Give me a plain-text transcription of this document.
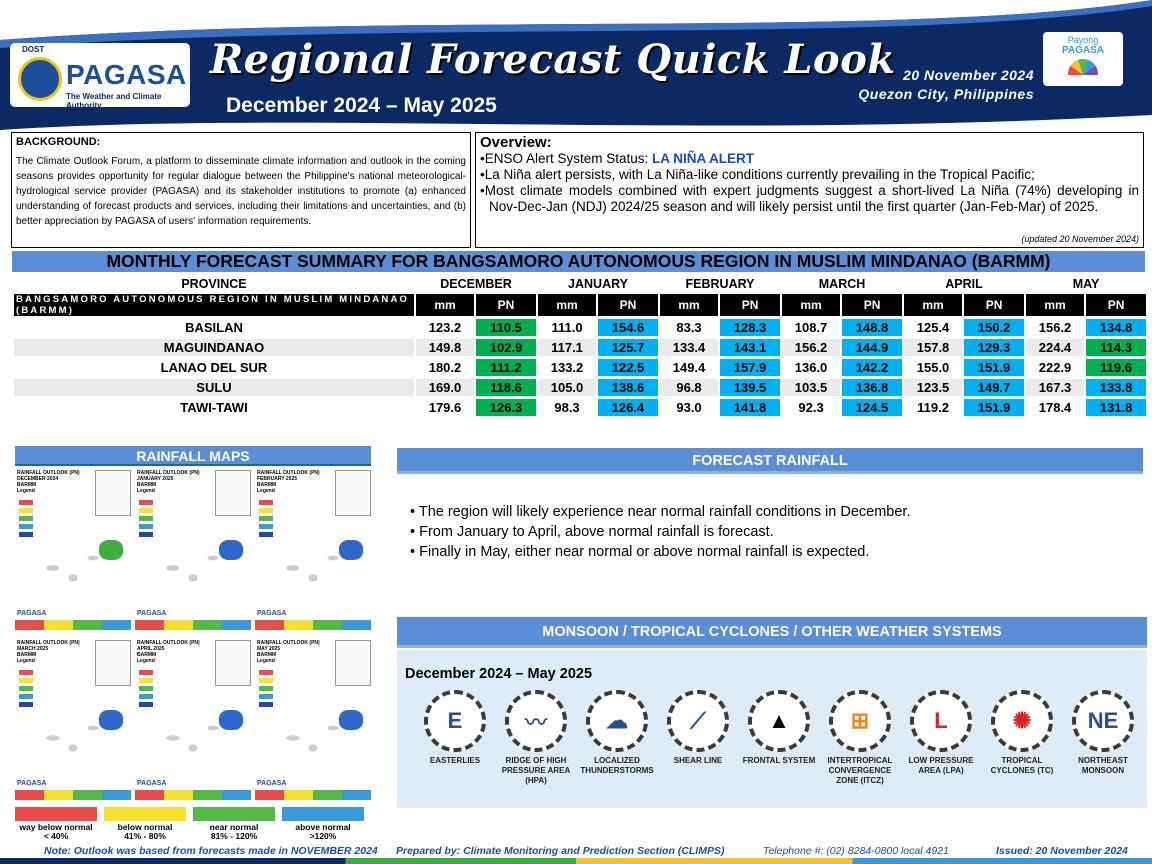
DOST
PAGASA
The Weather and Climate Authority
Regional Forecast Quick Look
December 2024 – May 2025
20 November 2024
Quezon City, Philippines
Payong
PAGASA
BACKGROUND:
The Climate Outlook Forum, a platform to disseminate climate information and outlook in the coming seasons provides opportunity for regular dialogue between the Philippine's national meteorological-hydrological service provider (PAGASA) and its stakeholder institutions to promote (a) enhanced understanding of forecast products and services, including their limitations and uncertainties, and (b) better appreciation by PAGASA of users' information requirements.
Overview:
• ENSO Alert System Status: LA NIÑA ALERT
• La Niña alert persists, with La Niña-like conditions currently prevailing in the Tropical Pacific;
• Most climate models combined with expert judgments suggest a short-lived La Niña (74%) developing in Nov-Dec-Jan (NDJ) 2024/25 season and will likely persist until the first quarter (Jan-Feb-Mar) of 2025.
(updated 20 November 2024)
MONTHLY FORECAST SUMMARY FOR BANGSAMORO AUTONOMOUS REGION IN MUSLIM MINDANAO (BARMM)
PROVINCE	DECEMBER		JANUARY		FEBRUARY		MARCH		APRIL		MAY	
BANGSAMORO AUTONOMOUS REGION IN MUSLIM MINDANAO (BARMM)	mm	PN	mm	PN	mm	PN	mm	PN	mm	PN	mm	PN
BASILAN	123.2	110.5	111.0	154.6	83.3	128.3	108.7	148.8	125.4	150.2	156.2	134.8
MAGUINDANAO	149.8	102.9	117.1	125.7	133.4	143.1	156.2	144.9	157.8	129.3	224.4	114.3
LANAO DEL SUR	180.2	111.2	133.2	122.5	149.4	157.9	136.0	142.2	155.0	151.9	222.9	119.6
SULU	169.0	118.6	105.0	138.6	96.8	139.5	103.5	136.8	123.5	149.7	167.3	133.8
TAWI-TAWI	179.6	126.3	98.3	126.4	93.0	141.8	92.3	124.5	119.2	151.9	178.4	131.8
RAINFALL MAPS
RAINFALL OUTLOOK (PN)
DECEMBER 2024
BARMM
Legend
PAGASA
RAINFALL OUTLOOK (PN)
JANUARY 2025
BARMM
Legend
PAGASA
RAINFALL OUTLOOK (PN)
FEBRUARY 2025
BARMM
Legend
PAGASA
RAINFALL OUTLOOK (PN)
MARCH 2025
BARMM
Legend
PAGASA
RAINFALL OUTLOOK (PN)
APRIL 2025
BARMM
Legend
PAGASA
RAINFALL OUTLOOK (PN)
MAY 2025
BARMM
Legend
PAGASA
way below normal
< 40%
below normal
41% - 80%
near normal
81% - 120%
above normal
>120%
FORECAST RAINFALL
• The region will likely experience near normal rainfall conditions in December.
• From January to April, above normal rainfall is forecast.
• Finally in May, either near normal or above normal rainfall is expected.
MONSOON / TROPICAL CYCLONES / OTHER WEATHER SYSTEMS
December 2024 – May 2025
E
EASTERLIES
〰
RIDGE OF HIGH PRESSURE AREA (HPA)
☁
LOCALIZED THUNDERSTORMS
⟋
SHEAR LINE
▲
FRONTAL SYSTEM
⊞
INTERTROPICAL CONVERGENCE ZONE (ITCZ)
L
LOW PRESSURE AREA (LPA)
✺
TROPICAL CYCLONES (TC)
NE
NORTHEAST MONSOON
Note: Outlook was based from forecasts made in NOVEMBER 2024 Prepared by: Climate Monitoring and Prediction Section (CLIMPS)	Telephone #: (02) 8284-0800 local 4921	Issued: 20 November 2024
